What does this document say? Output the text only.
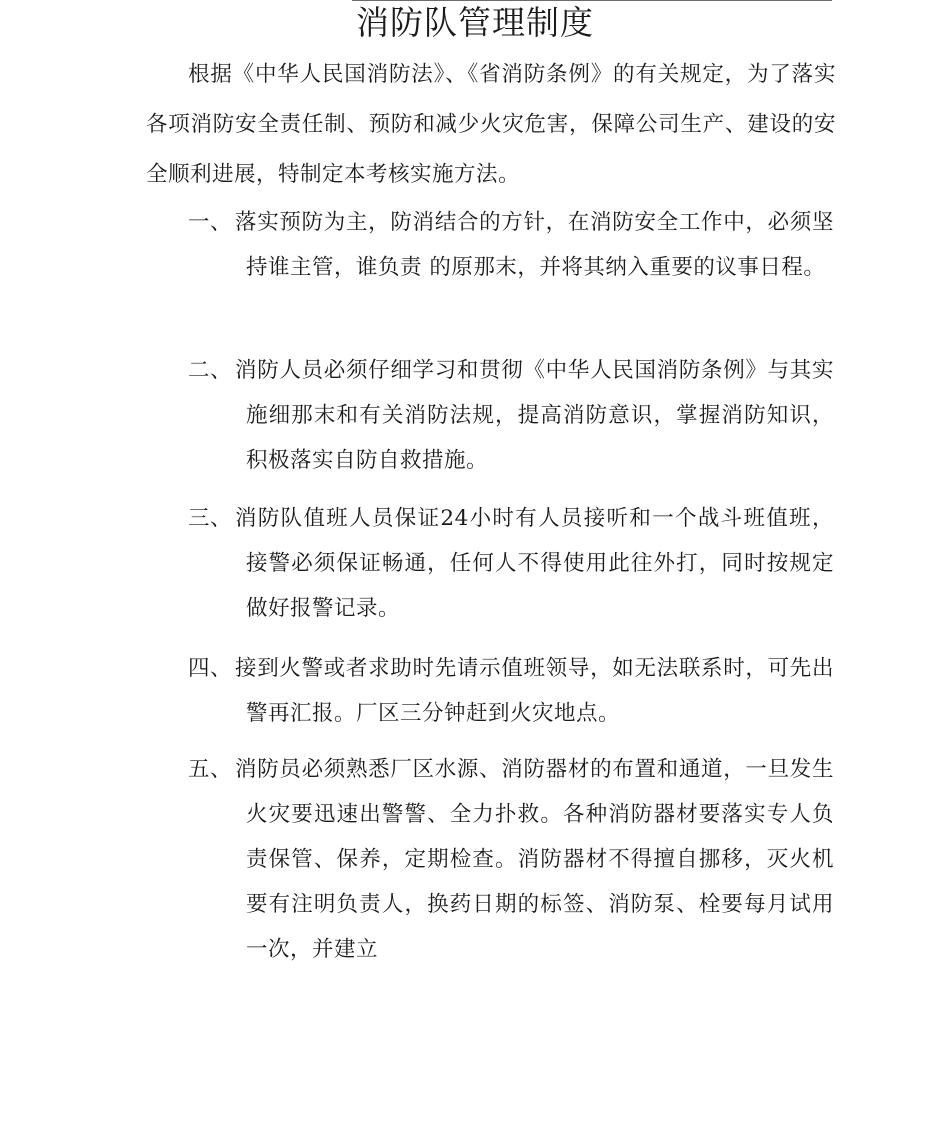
消防队管理制度

根据《中华人民国消防法》、《省消防条例》的有关规定，为了落实各项消防安全责任制、预防和减少火灾危害，保障公司生产、建设的安全顺利进展，特制定本考核实施方法。

一、 落实预防为主，防消结合的方针，在消防安全工作中，必须坚持谁主管，谁负责 的原那末，并将其纳入重要的议事日程。
二、 消防人员必须仔细学习和贯彻《中华人民国消防条例》与其实施细那末和有关消防法规，提高消防意识，掌握消防知识，积极落实自防自救措施。
三、 消防队值班人员保证24小时有人员接听和一个战斗班值班，接警必须保证畅通，任何人不得使用此往外打，同时按规定做好报警记录。
四、 接到火警或者求助时先请示值班领导，如无法联系时，可先出警再汇报。厂区三分钟赶到火灾地点。
五、 消防员必须熟悉厂区水源、消防器材的布置和通道，一旦发生火灾要迅速出警警、全力扑救。各种消防器材要落实专人负责保管、保养，定期检查。消防器材不得擅自挪移，灭火机要有注明负责人，换药日期的标签、消防泵、栓要每月试用一次，并建立
